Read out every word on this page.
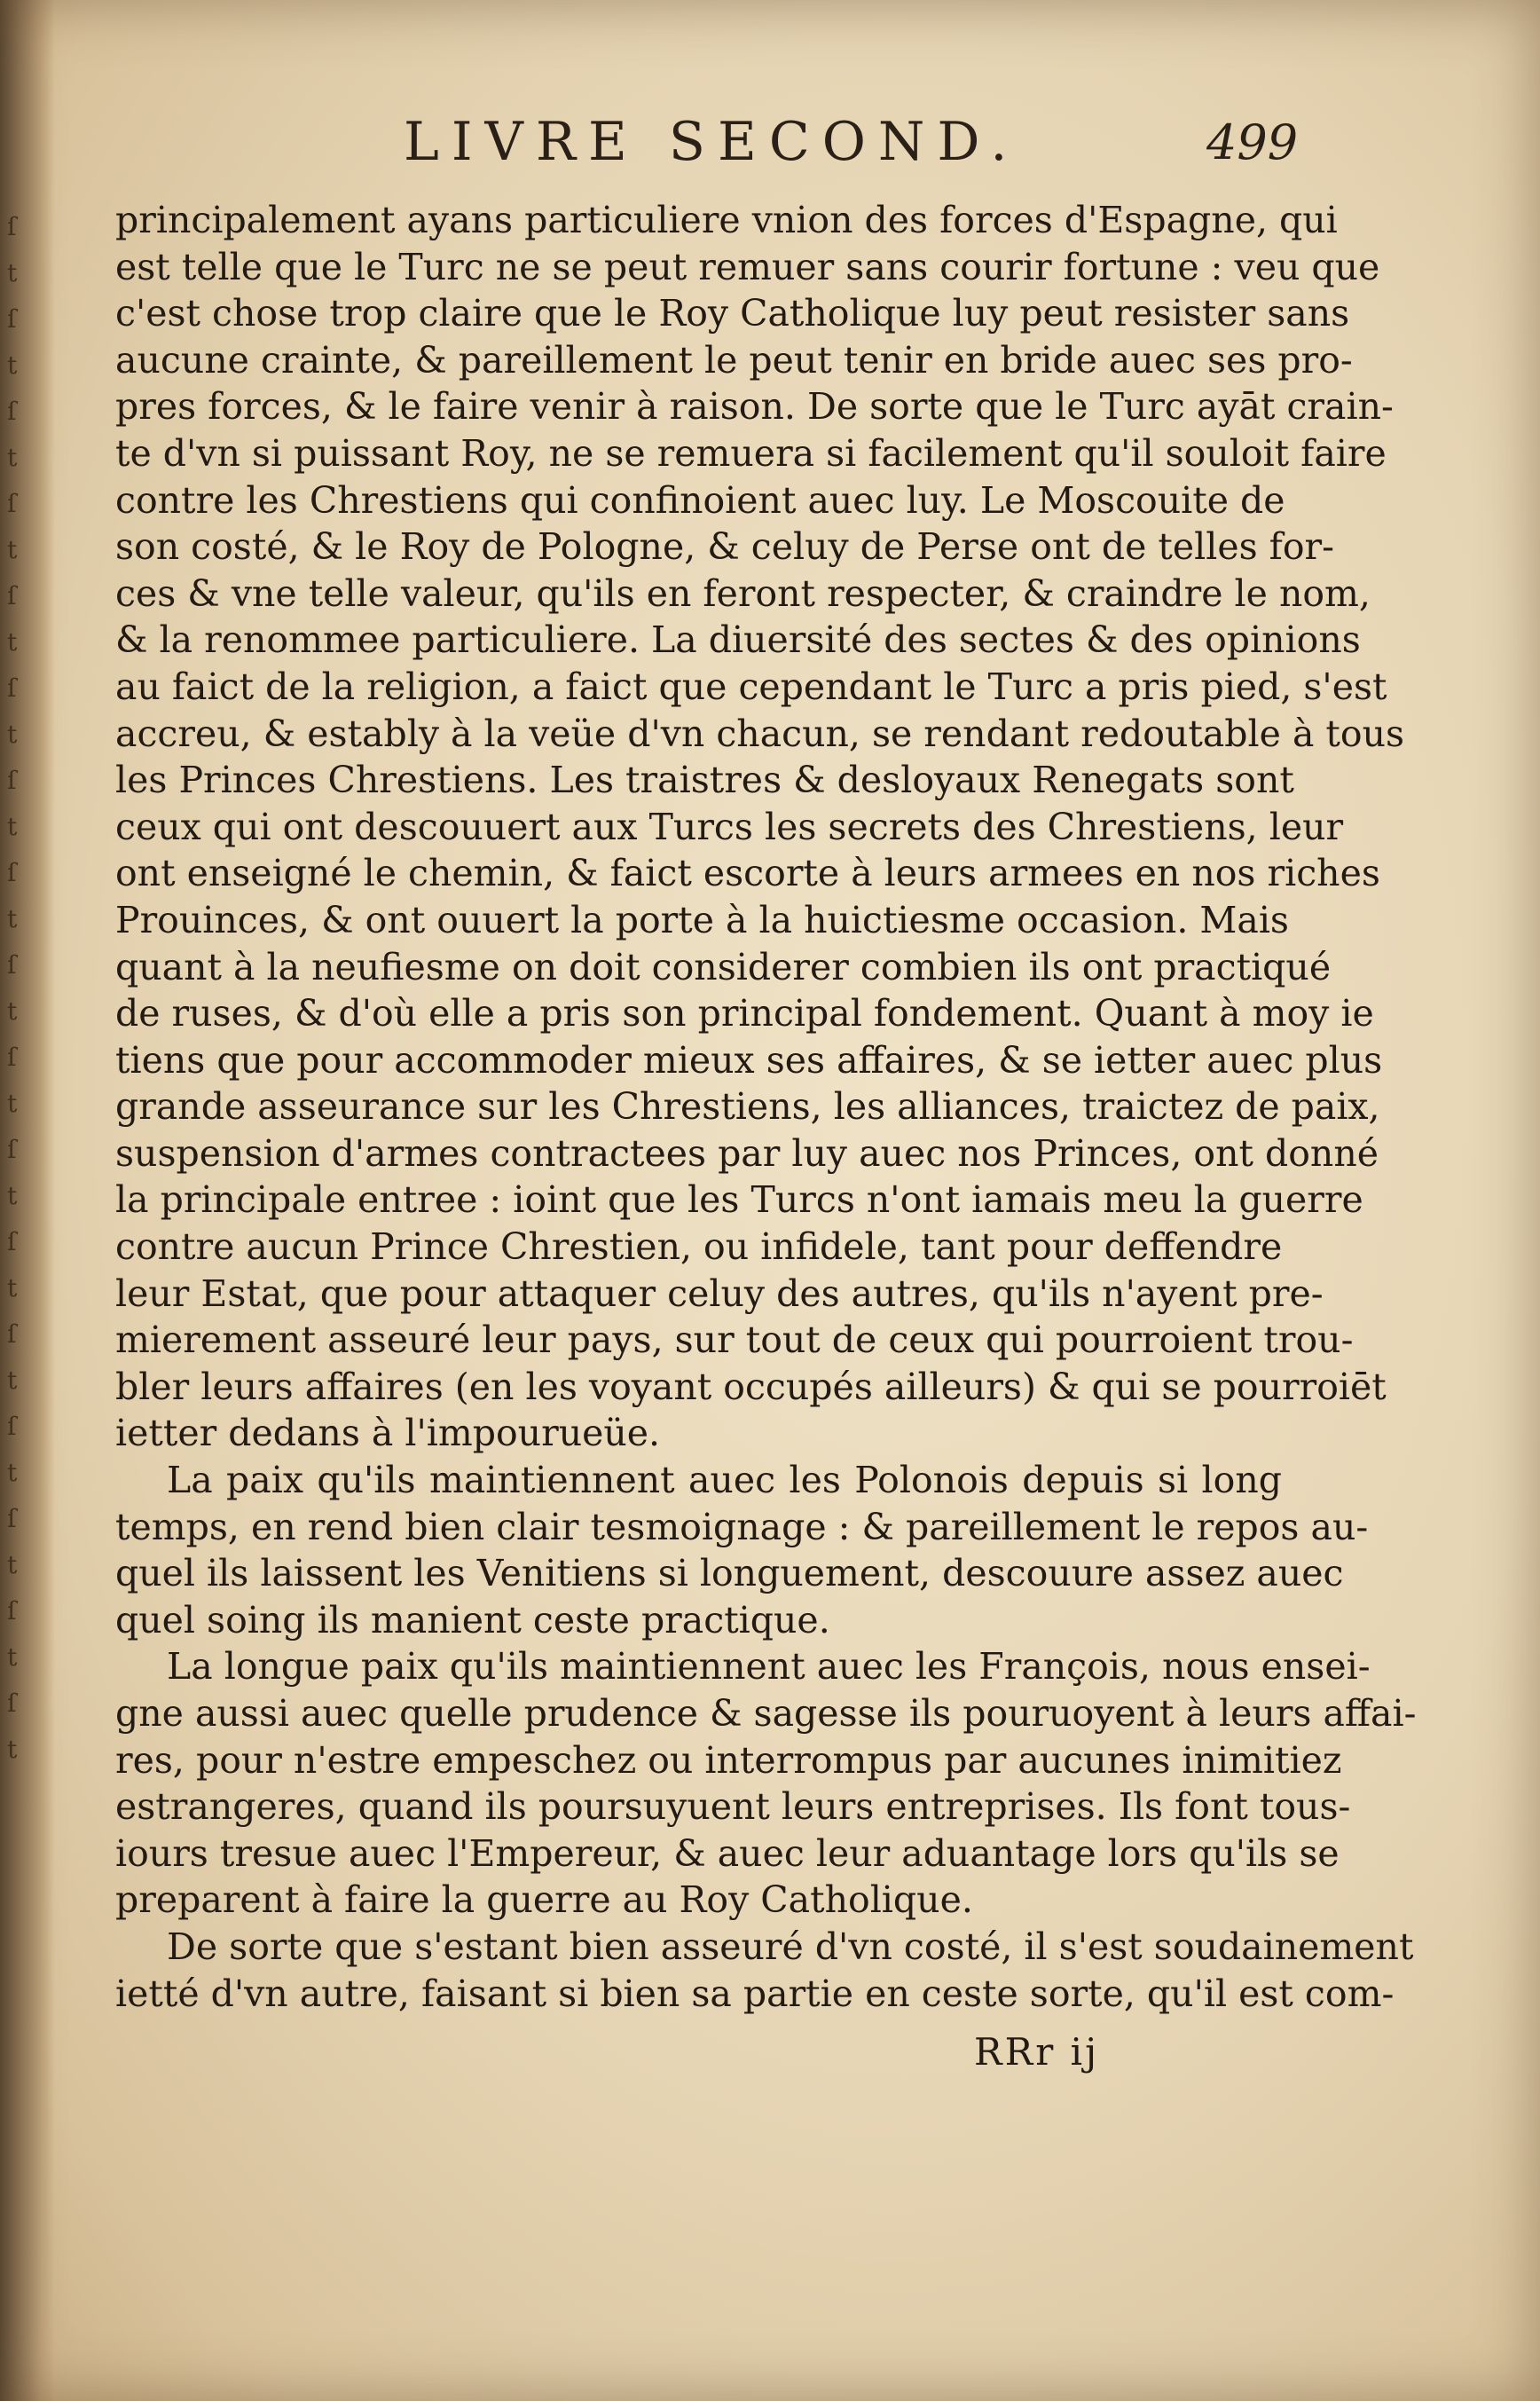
ſ
t
ſ
t
ſ
t
ſ
t
ſ
t
ſ
t
ſ
t
ſ
t
ſ
t
ſ
t
ſ
t
ſ
t
ſ
t
ſ
t
ſ
t
ſ
t
ſ
t
LIVRE SECOND.	499
principalement ayans particuliere vnion des forces d'Espagne, qui
est telle que le Turc ne se peut remuer sans courir fortune : veu que
c'est chose trop claire que le Roy Catholique luy peut resister sans
aucune crainte, & pareillement le peut tenir en bride auec ses pro-
pres forces, & le faire venir à raison. De sorte que le Turc ayāt crain-
te d'vn si puissant Roy, ne se remuera si facilement qu'il souloit faire
contre les Chrestiens qui confinoient auec luy. Le Moscouite de
son costé, & le Roy de Pologne, & celuy de Perse ont de telles for-
ces & vne telle valeur, qu'ils en feront respecter, & craindre le nom,
& la renommee particuliere. La diuersité des sectes & des opinions
au faict de la religion, a faict que cependant le Turc a pris pied, s'est
accreu, & estably à la veüe d'vn chacun, se rendant redoutable à tous
les Princes Chrestiens. Les traistres & desloyaux Renegats sont
ceux qui ont descouuert aux Turcs les secrets des Chrestiens, leur
ont enseigné le chemin, & faict escorte à leurs armees en nos riches
Prouinces, & ont ouuert la porte à la huictiesme occasion. Mais
quant à la neufiesme on doit considerer combien ils ont practiqué
de ruses, & d'où elle a pris son principal fondement. Quant à moy ie
tiens que pour accommoder mieux ses affaires, & se ietter auec plus
grande asseurance sur les Chrestiens, les alliances, traictez de paix,
suspension d'armes contractees par luy auec nos Princes, ont donné
la principale entree : ioint que les Turcs n'ont iamais meu la guerre
contre aucun Prince Chrestien, ou infidele, tant pour deffendre
leur Estat, que pour attaquer celuy des autres, qu'ils n'ayent pre-
mierement asseuré leur pays, sur tout de ceux qui pourroient trou-
bler leurs affaires (en les voyant occupés ailleurs) & qui se pourroiēt
ietter dedans à l'impourueüe.
La paix qu'ils maintiennent auec les Polonois depuis si long
temps, en rend bien clair tesmoignage : & pareillement le repos au-
quel ils laissent les Venitiens si longuement, descouure assez auec
quel soing ils manient ceste practique.
La longue paix qu'ils maintiennent auec les François, nous ensei-
gne aussi auec quelle prudence & sagesse ils pouruoyent à leurs affai-
res, pour n'estre empeschez ou interrompus par aucunes inimitiez
estrangeres, quand ils poursuyuent leurs entreprises. Ils font tous-
iours tresue auec l'Empereur, & auec leur aduantage lors qu'ils se
preparent à faire la guerre au Roy Catholique.
De sorte que s'estant bien asseuré d'vn costé, il s'est soudainement
ietté d'vn autre, faisant si bien sa partie en ceste sorte, qu'il est com-
RRr ij
